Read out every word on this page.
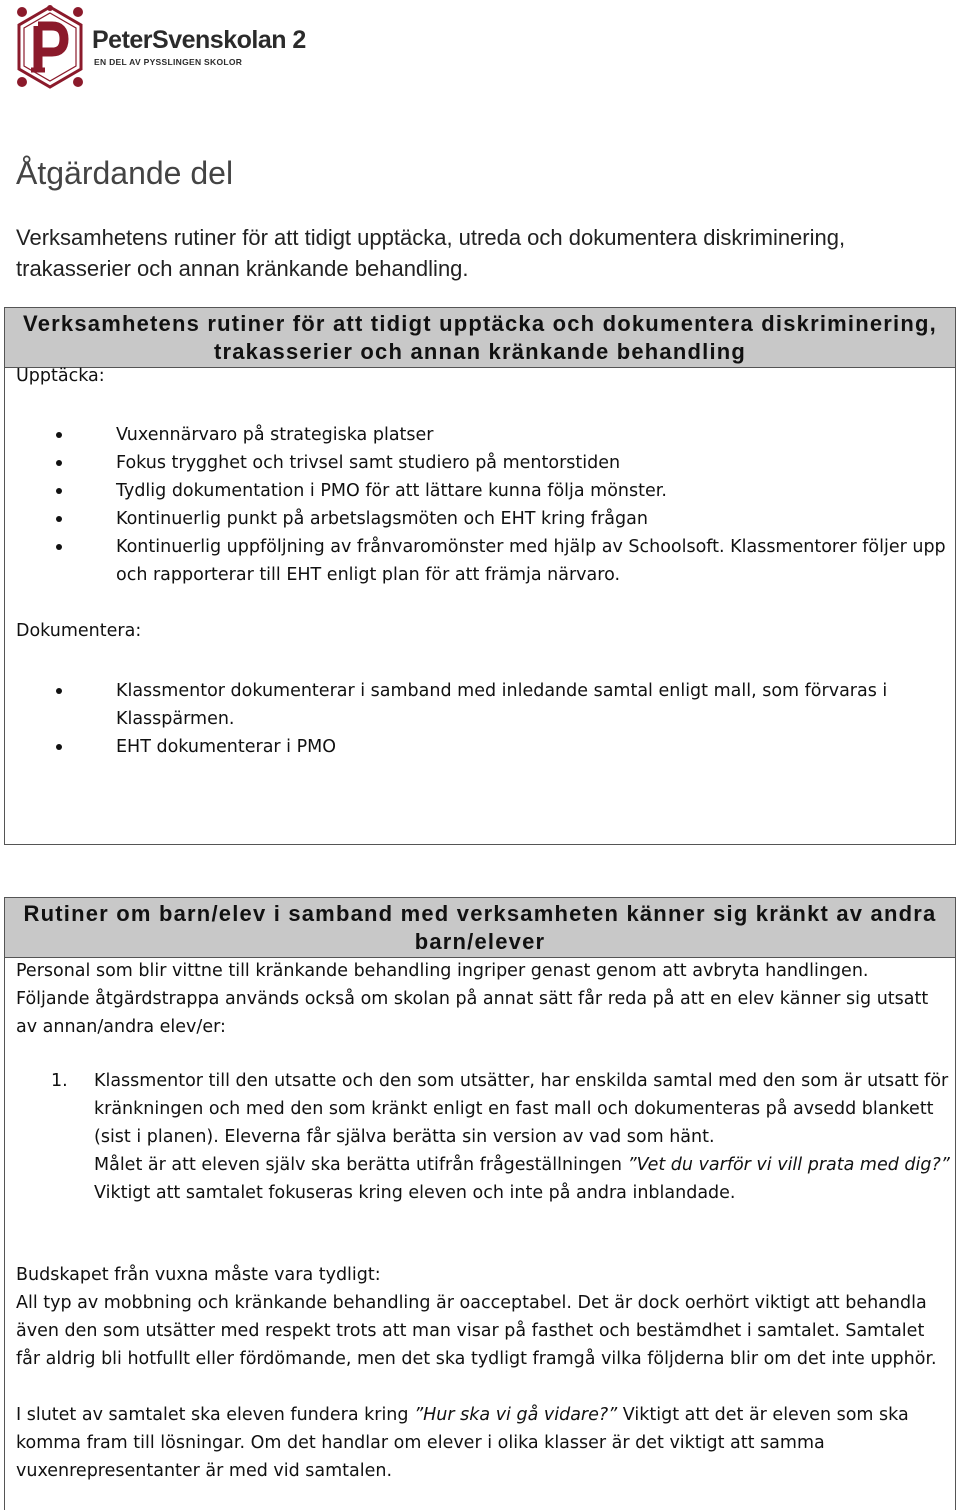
PeterSvenskolan 2
EN DEL AV PYSSLINGEN SKOLOR
Åtgärdande del

Verksamhetens rutiner för att tidigt upptäcka, utreda och dokumentera diskriminering, trakasserier och annan kränkande behandling.

Verksamhetens rutiner för att tidigt upptäcka och dokumentera diskriminering, trakasserier och annan kränkande behandling

Upptäcka:

Vuxennärvaro på strategiska platser
Fokus trygghet och trivsel samt studiero på mentorstiden
Tydlig dokumentation i PMO för att lättare kunna följa mönster.
Kontinuerlig punkt på arbetslagsmöten och EHT kring frågan
Kontinuerlig uppföljning av frånvaromönster med hjälp av Schoolsoft. Klassmentorer följer upp och rapporterar till EHT enligt plan för att främja närvaro.

Dokumentera:

Klassmentor dokumenterar i samband med inledande samtal enligt mall, som förvaras i Klasspärmen.
EHT dokumenterar i PMO
Rutiner om barn/elev i samband med verksamheten känner sig kränkt av andra barn/elever

Personal som blir vittne till kränkande behandling ingriper genast genom att avbryta handlingen. Följande åtgärdstrappa används också om skolan på annat sätt får reda på att en elev känner sig utsatt av annan/andra elev/er:

1. Klassmentor till den utsatte och den som utsätter, har enskilda samtal med den som är utsatt för kränkningen och med den som kränkt enligt en fast mall och dokumenteras på avsedd blankett (sist i planen). Eleverna får själva berätta sin version av vad som hänt.
Målet är att eleven själv ska berätta utifrån frågeställningen ”Vet du varför vi vill prata med dig?”
Viktigt att samtalet fokuseras kring eleven och inte på andra inblandade.

Budskapet från vuxna måste vara tydligt:

All typ av mobbning och kränkande behandling är oacceptabel. Det är dock oerhört viktigt att behandla även den som utsätter med respekt trots att man visar på fasthet och bestämdhet i samtalet. Samtalet får aldrig bli hotfullt eller fördömande, men det ska tydligt framgå vilka följderna blir om det inte upphör.

I slutet av samtalet ska eleven fundera kring ”Hur ska vi gå vidare?” Viktigt att det är eleven som ska komma fram till lösningar. Om det handlar om elever i olika klasser är det viktigt att samma vuxenrepresentanter är med vid samtalen.
